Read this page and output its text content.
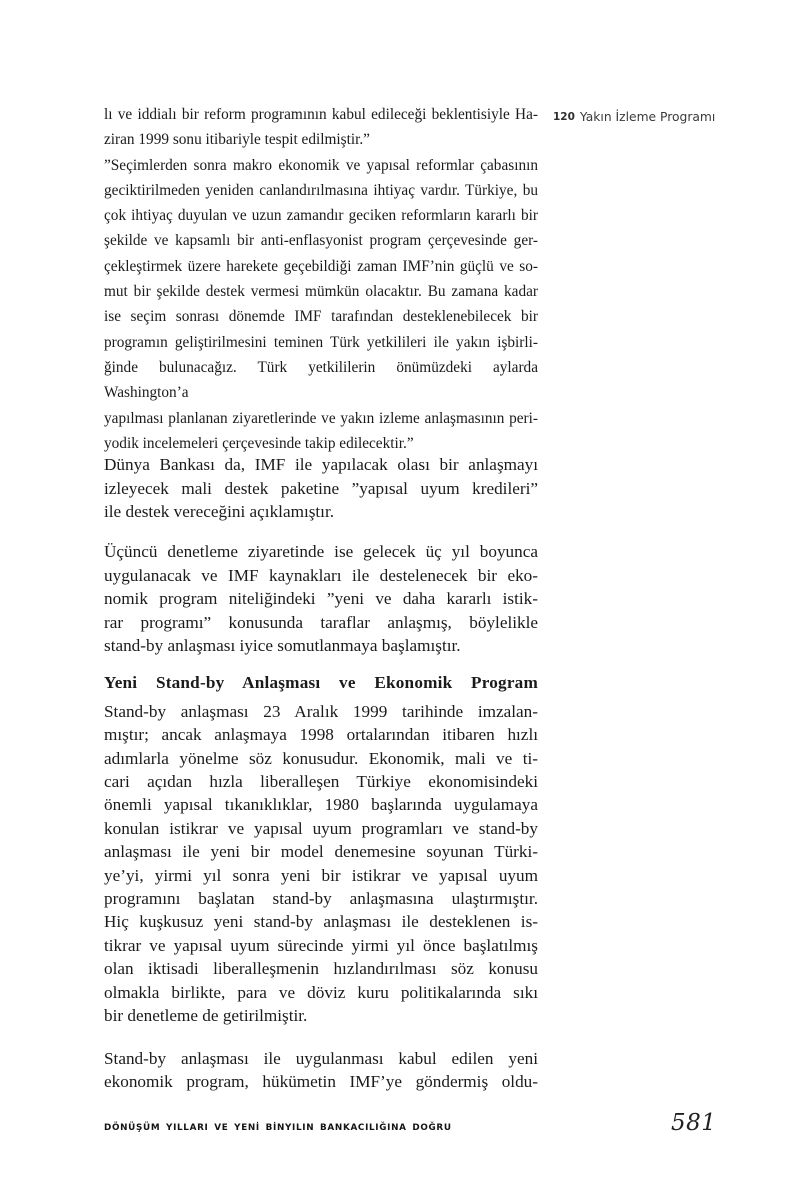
120 Yakın İzleme Programı
lı ve iddialı bir reform programının kabul edileceği beklentisiyle Ha-
ziran 1999 sonu itibariyle tespit edilmiştir.”
”Seçimlerden sonra makro ekonomik ve yapısal reformlar çabasının
geciktirilmeden yeniden canlandırılmasına ihtiyaç vardır. Türkiye, bu
çok ihtiyaç duyulan ve uzun zamandır geciken reformların kararlı bir
şekilde ve kapsamlı bir anti-enflasyonist program çerçevesinde ger-
çekleştirmek üzere harekete geçebildiği zaman IMF’nin güçlü ve so-
mut bir şekilde destek vermesi mümkün olacaktır. Bu zamana kadar
ise seçim sonrası dönemde IMF tarafından desteklenebilecek bir
programın geliştirilmesini teminen Türk yetkilileri ile yakın işbirli-
ğinde bulunacağız. Türk yetkililerin önümüzdeki aylarda Washington’a
yapılması planlanan ziyaretlerinde ve yakın izleme anlaşmasının peri-
yodik incelemeleri çerçevesinde takip edilecektir.”
Dünya Bankası da, IMF ile yapılacak olası bir anlaşmayı
izleyecek mali destek paketine ”yapısal uyum kredileri”
ile destek vereceğini açıklamıştır.
Üçüncü denetleme ziyaretinde ise gelecek üç yıl boyunca
uygulanacak ve IMF kaynakları ile destelenecek bir eko-
nomik program niteliğindeki ”yeni ve daha kararlı istik-
rar programı” konusunda taraflar anlaşmış, böylelikle
stand-by anlaşması iyice somutlanmaya başlamıştır.
Yeni Stand-by Anlaşması ve Ekonomik Program
Stand-by anlaşması 23 Aralık 1999 tarihinde imzalan-
mıştır; ancak anlaşmaya 1998 ortalarından itibaren hızlı
adımlarla yönelme söz konusudur. Ekonomik, mali ve ti-
cari açıdan hızla liberalleşen Türkiye ekonomisindeki
önemli yapısal tıkanıklıklar, 1980 başlarında uygulamaya
konulan istikrar ve yapısal uyum programları ve stand-by
anlaşması ile yeni bir model denemesine soyunan Türki-
ye’yi, yirmi yıl sonra yeni bir istikrar ve yapısal uyum
programını başlatan stand-by anlaşmasına ulaştırmıştır.
Hiç kuşkusuz yeni stand-by anlaşması ile desteklenen is-
tikrar ve yapısal uyum sürecinde yirmi yıl önce başlatılmış
olan iktisadi liberalleşmenin hızlandırılması söz konusu
olmakla birlikte, para ve döviz kuru politikalarında sıkı
bir denetleme de getirilmiştir.
Stand-by anlaşması ile uygulanması kabul edilen yeni
ekonomik program, hükümetin IMF’ye göndermiş oldu-
DÖNÜŞÜM YILLARI VE YENİ BİNYILIN BANKACILIĞINA DOĞRU	581
